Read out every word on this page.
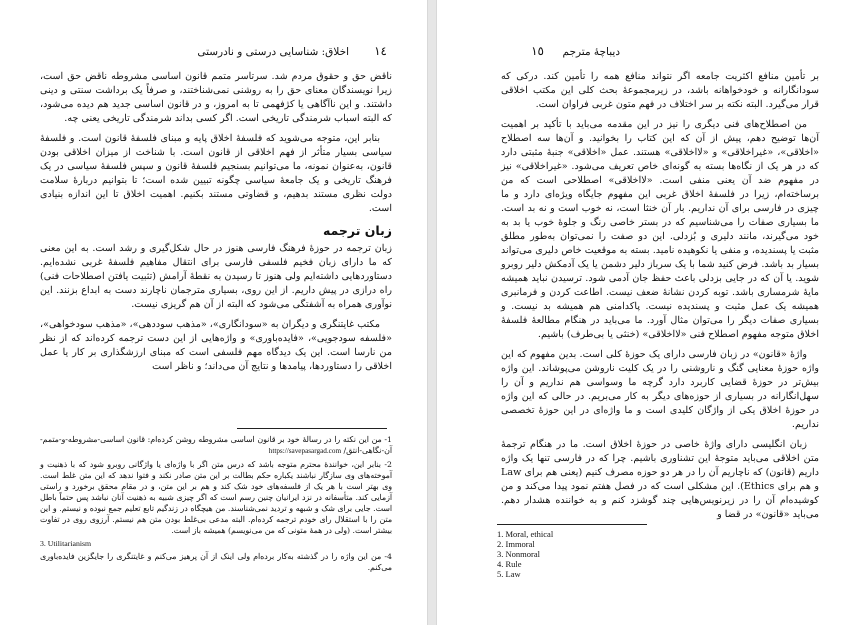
١٤
اخلاق: شناسایی درستی و نادرستی

ناقض حق و حقوق مردم شد. سرتاسر متمم قانون اساسی مشروطه ناقض حق است، زیرا نویسندگان معنای حق را به روشنی نمی‌شناختند، و صرفاً یک برداشت سنتی و دینی داشتند. و این ناآگاهی یا کژفهمی تا به امروز، و در قانون اساسی جدید هم دیده می‌شود، که البته اسباب شرمندگی تاریخی است. اگر کسی بداند شرمندگی تاریخی یعنی چه.

بنابر این، متوجه می‌شوید که فلسفهٔ اخلاق پایه و مبنای فلسفهٔ قانون است. و فلسفهٔ سیاسی بسیار متأثر از فهم اخلاقی از قانون است. با شناخت از میزان اخلاقی بودن قانون، به‌عنوان نمونه، ما می‌توانیم بسنجیم فلسفهٔ قانون و سپس فلسفهٔ سیاسی در یک فرهنگ تاریخی و یک جامعهٔ سیاسی چگونه تبیین شده است؛ تا بتوانیم دربارهٔ سلامت دولت نظری مستند بدهیم، و قضاوتی مستند بکنیم. اهمیت اخلاق تا این اندازه بنیادی است.

زبان ترجمه

زبان ترجمه در حوزهٔ فرهنگ فارسی هنوز در حال شکل‌گیری و رشد است. به این معنی که ما دارای زبان فخیم فلسفی فارسی برای انتقال مفاهیم فلسفهٔ غربی نشده‌ایم. دستاوردهایی داشته‌ایم ولی هنوز تا رسیدن به نقطهٔ آرامش (تثبیت یافتن اصطلاحات فنی) راه درازی در پیش داریم. از این روی، بسیاری مترجمان ناچارند دست به ابداع بزنند. این نوآوری همراه به آشفتگی می‌شود که البته از آن هم گریزی نیست.

مکتب غایتنگری و دیگران به «سودانگاری»، «مذهب سوددهی»، «مذهب سودخواهی»، «فلسفه سودجویی»، «فایده‌باوری» و واژه‌هایی از این دست ترجمه کرده‌اند که از نظر من نارسا است. این یک دیدگاه مهم فلسفی است که مبنای ارزشگذاری بر کار یا عمل اخلاقی را دستاوردها، پیامدها و نتایج آن می‌داند؛ و ناظر است

1- من این نکته را در رسالهٔ خود بر قانون اساسی مشروطه روشن کرده‌ام: قانون اساسی-مشروطه-و-متمم-آن-نگاهی-انتق/ https://savepasargad.com

2- بنابر این، خوانندهٔ محترم متوجه باشد که درس متن اگر با واژه‌ای یا واژگانی روبرو شود که با ذهنیت و آموخته‌های وی سازگار نباشند یکباره حکم بطالت بر این متن صادر نکند و فتوا ندهد که این متن غلط است. وی بهتر است با هر یک از فلسفه‌های خود شک کند و هم بر این متن، و در مقام محقق برخورد و راستی آزمایی کند. متأسفانه در نزد ایرانیان چنین رسم است که اگر چیزی شبیه به ذهنیت آنان نباشد پس حتماً باطل است. جایی برای شک و شبهه و تردید نمی‌شناسند. من هیچگاه در زندگیم تابع تعلیم جمع نبوده و نیستم. و این متن را با استقلال رای خودم ترجمه کرده‌ام. البته مدعی بی‌غلط بودن متن هم نیستم. آرزوی روی در تفاوت بیشتر است. (ولی در همهٔ متونی که من می‌نویسم) همیشه باز است.

3. Utilitarianism

4- من این واژه را در گذشته به‌کار برده‌ام ولی اینک از آن پرهیز می‌کنم و غایتنگری را جایگزین فایده‌باوری می‌کنم.

١٥ دیباچهٔ مترجم

بر تأمین منافع اکثریت جامعه اگر نتواند منافع همه را تأمین کند. درکی که سودانگارانه و خودخواهانه باشد، در زیرمجموعهٔ بحث کلی این مکتب اخلاقی قرار می‌گیرد. البته نکته بر سر اختلاف در فهم متون غربی فراوان است.

من اصطلاح‌های فنی دیگری را نیز در این مقدمه می‌باید با تأکید بر اهمیت آن‌ها توضیح دهم، پیش از آن که این کتاب را بخوانید. و آن‌ها سه اصطلاح «اخلاقی»، «غیراخلاقی» و «لااخلاقی» هستند. عمل «اخلاقی» جنبهٔ مثبتی دارد که در هر یک از نگاه‌ها بسته به گونه‌ای خاص تعریف می‌شود. «غیراخلاقی» نیز در مفهوم ضد آن یعنی منفی است. «لااخلاقی» اصطلاحی است که من برساخته‌ام، زیرا در فلسفهٔ اخلاق غربی این مفهوم جایگاه ویژه‌ای دارد و ما چیزی در فارسی برای آن نداریم. بار آن خنثا است، نه خوب است و نه بد است. ما بسیاری صفات را می‌شناسیم که در بستر خاصی رنگ و جلوهٔ خوب یا بد به خود می‌گیرند، مانند دلیری و بُزدلی. این دو صفت را نمی‌توان به‌طور مطلق مثبت یا پسندیده، و منفی یا نکوهیده نامید. بسته به موقعیت خاص دلیری می‌تواند بسیار بد باشد. فرض کنید شما با یک سرباز دلیر دشمن یا یک آدمکش دلیر روبرو شوید. یا آن که در جایی بزدلی باعث حفظ جان آدمی شود. ترسیدن نباید همیشه مایهٔ شرمساری باشد. توبه کردن نشانهٔ ضعف نیست. اطاعت کردن و فرمانبری همیشه یک عمل مثبت و پسندیده نیست. پاکدامنی هم همیشه بد نیست. و بسیاری صفات دیگر را می‌توان مثال آورد. ما می‌باید در هنگام مطالعهٔ فلسفهٔ اخلاق متوجه مفهوم اصطلاح فنی «لااخلاقی» (خنثی یا بی‌طرف) باشیم.

واژهٔ «قانون» در زبان فارسی دارای یک حوزهٔ کلی است. بدین مفهوم که این واژه حوزهٔ معنایی گنگ و ناروشنی را در یک کلیت ناروشن می‌پوشاند. این واژه بیش‌تر در حوزهٔ قضایی کاربرد دارد گرچه ما وسواسی هم نداریم و آن را سهل‌انگارانه در بسیاری از حوزه‌های دیگر به کار می‌بریم. در حالی که این واژه در حوزهٔ اخلاق یکی از واژگان کلیدی است و ما واژه‌ای در این حوزهٔ تخصصی نداریم.

زبان انگلیسی دارای واژهٔ خاصی در حوزهٔ اخلاق است. ما در هنگام ترجمهٔ متن اخلاقی می‌باید متوجهٔ این تشناوری باشیم. چرا که در فارسی تنها یک واژه داریم (قانون) که ناچاریم آن را در هر دو حوزه مصرف کنیم (یعنی هم برای Law و هم برای Ethics). این مشکلی است که در فصل هفتم نمود پیدا می‌کند و من کوشیده‌ام آن را در زیرنویس‌هایی چند گوشزد کنم و به خواننده هشدار دهم. می‌باید «قانون» در قضا و

1. Moral, ethical
2. Immoral
3. Nonmoral
4. Rule
5. Law
